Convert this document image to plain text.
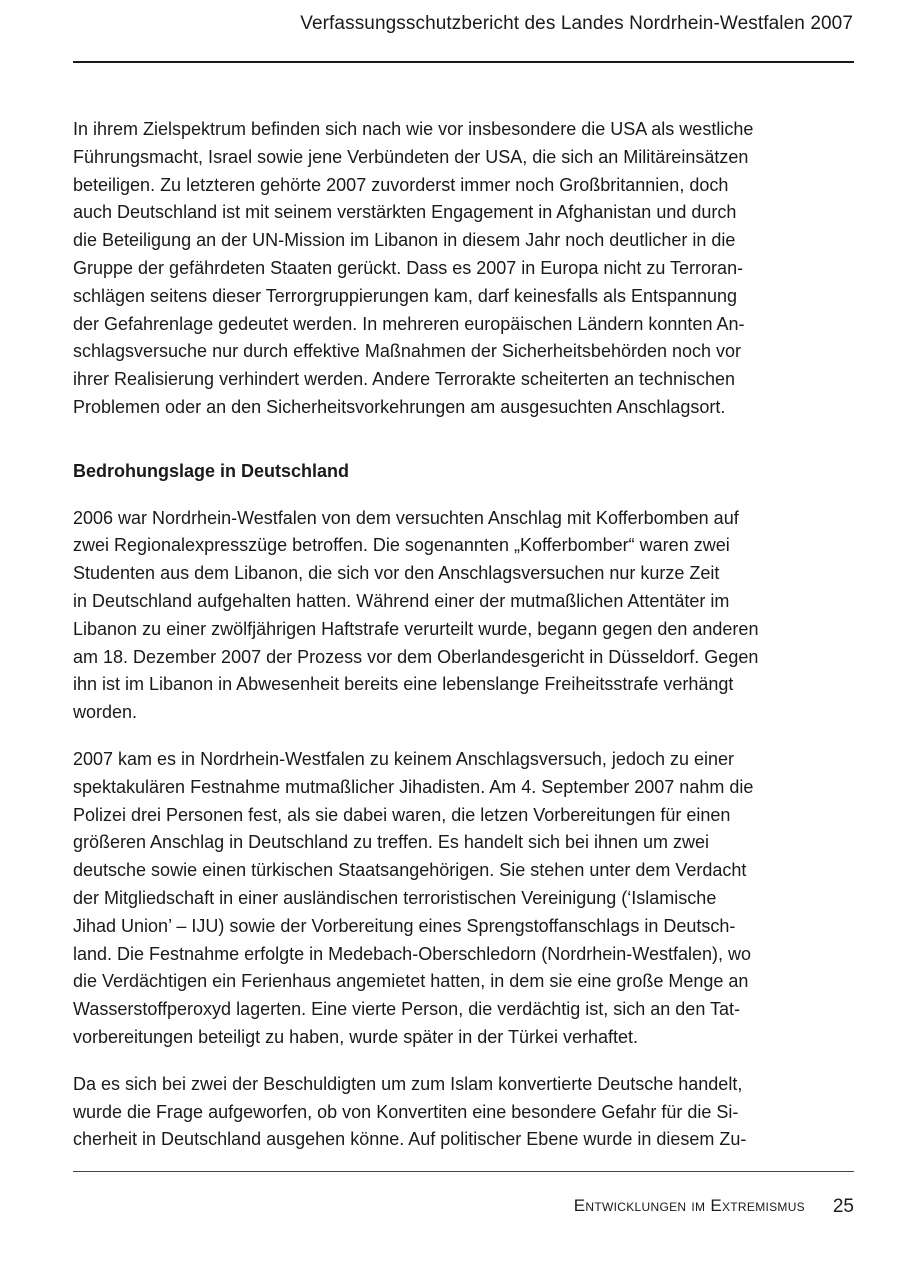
Verfassungsschutzbericht des Landes Nordrhein-Westfalen 2007
In ihrem Zielspektrum befinden sich nach wie vor insbesondere die USA als westliche
Führungsmacht, Israel sowie jene Verbündeten der USA, die sich an Militäreinsätzen
beteiligen. Zu letzteren gehörte 2007 zuvorderst immer noch Großbritannien, doch
auch Deutschland ist mit seinem verstärkten Engagement in Afghanistan und durch
die Beteiligung an der UN-Mission im Libanon in diesem Jahr noch deutlicher in die
Gruppe der gefährdeten Staaten gerückt. Dass es 2007 in Europa nicht zu Terroran-
schlägen seitens dieser Terrorgruppierungen kam, darf keinesfalls als Entspannung
der Gefahrenlage gedeutet werden. In mehreren europäischen Ländern konnten An-
schlagsversuche nur durch effektive Maßnahmen der Sicherheitsbehörden noch vor
ihrer Realisierung verhindert werden. Andere Terrorakte scheiterten an technischen
Problemen oder an den Sicherheitsvorkehrungen am ausgesuchten Anschlagsort.
Bedrohungslage in Deutschland
2006 war Nordrhein-Westfalen von dem versuchten Anschlag mit Kofferbomben auf
zwei Regionalexpresszüge betroffen. Die sogenannten „Kofferbomber“ waren zwei
Studenten aus dem Libanon, die sich vor den Anschlagsversuchen nur kurze Zeit
in Deutschland aufgehalten hatten. Während einer der mutmaßlichen Attentäter im
Libanon zu einer zwölfjährigen Haftstrafe verurteilt wurde, begann gegen den anderen
am 18. Dezember 2007 der Prozess vor dem Oberlandesgericht in Düsseldorf. Gegen
ihn ist im Libanon in Abwesenheit bereits eine lebenslange Freiheitsstrafe verhängt
worden.
2007 kam es in Nordrhein-Westfalen zu keinem Anschlagsversuch, jedoch zu einer
spektakulären Festnahme mutmaßlicher Jihadisten. Am 4. September 2007 nahm die
Polizei drei Personen fest, als sie dabei waren, die letzen Vorbereitungen für einen
größeren Anschlag in Deutschland zu treffen. Es handelt sich bei ihnen um zwei
deutsche sowie einen türkischen Staatsangehörigen. Sie stehen unter dem Verdacht
der Mitgliedschaft in einer ausländischen terroristischen Vereinigung (‘Islamische
Jihad Union’ – IJU) sowie der Vorbereitung eines Sprengstoffanschlags in Deutsch-
land. Die Festnahme erfolgte in Medebach-Oberschledorn (Nordrhein-Westfalen), wo
die Verdächtigen ein Ferienhaus angemietet hatten, in dem sie eine große Menge an
Wasserstoffperoxyd lagerten. Eine vierte Person, die verdächtig ist, sich an den Tat-
vorbereitungen beteiligt zu haben, wurde später in der Türkei verhaftet.
Da es sich bei zwei der Beschuldigten um zum Islam konvertierte Deutsche handelt,
wurde die Frage aufgeworfen, ob von Konvertiten eine besondere Gefahr für die Si-
cherheit in Deutschland ausgehen könne. Auf politischer Ebene wurde in diesem Zu-
Entwicklungen im Extremismus 25
